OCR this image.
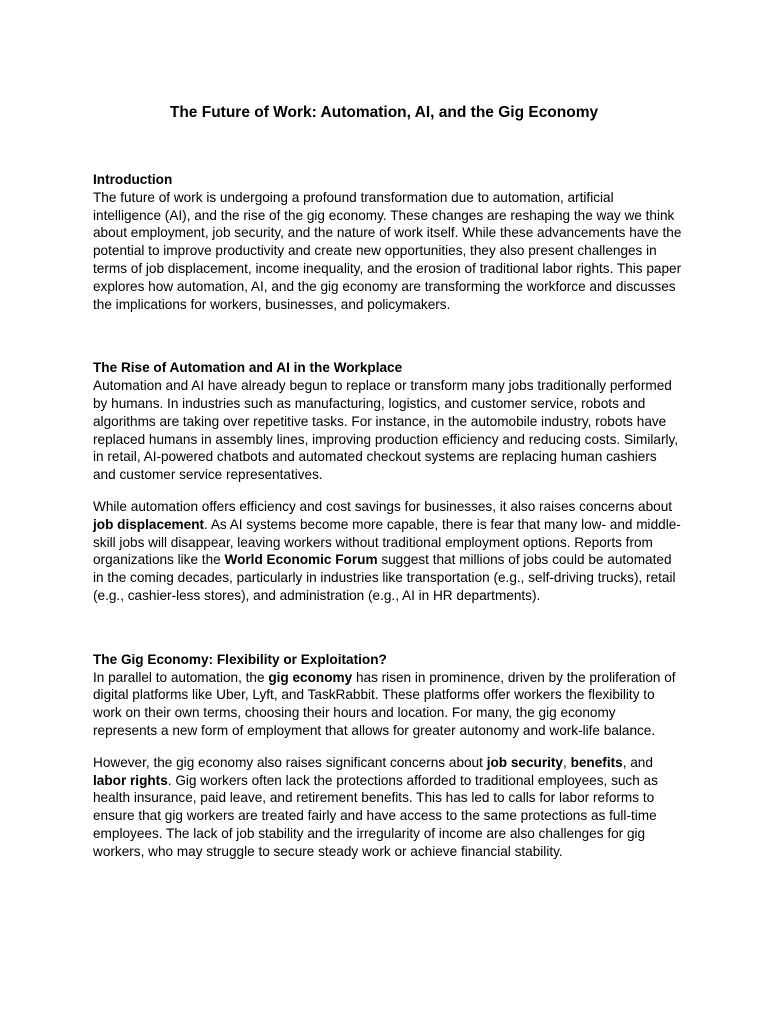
The Future of Work: Automation, AI, and the Gig Economy

Introduction

The future of work is undergoing a profound transformation due to automation, artificial intelligence (AI), and the rise of the gig economy. These changes are reshaping the way we think about employment, job security, and the nature of work itself. While these advancements have the potential to improve productivity and create new opportunities, they also present challenges in terms of job displacement, income inequality, and the erosion of traditional labor rights. This paper explores how automation, AI, and the gig economy are transforming the workforce and discusses the implications for workers, businesses, and policymakers.

The Rise of Automation and AI in the Workplace

Automation and AI have already begun to replace or transform many jobs traditionally performed by humans. In industries such as manufacturing, logistics, and customer service, robots and algorithms are taking over repetitive tasks. For instance, in the automobile industry, robots have replaced humans in assembly lines, improving production efficiency and reducing costs. Similarly, in retail, AI-powered chatbots and automated checkout systems are replacing human cashiers and customer service representatives.

While automation offers efficiency and cost savings for businesses, it also raises concerns about job displacement. As AI systems become more capable, there is fear that many low- and middle-skill jobs will disappear, leaving workers without traditional employment options. Reports from organizations like the World Economic Forum suggest that millions of jobs could be automated in the coming decades, particularly in industries like transportation (e.g., self-driving trucks), retail (e.g., cashier-less stores), and administration (e.g., AI in HR departments).

The Gig Economy: Flexibility or Exploitation?

In parallel to automation, the gig economy has risen in prominence, driven by the proliferation of digital platforms like Uber, Lyft, and TaskRabbit. These platforms offer workers the flexibility to work on their own terms, choosing their hours and location. For many, the gig economy represents a new form of employment that allows for greater autonomy and work-life balance.

However, the gig economy also raises significant concerns about job security, benefits, and labor rights. Gig workers often lack the protections afforded to traditional employees, such as health insurance, paid leave, and retirement benefits. This has led to calls for labor reforms to ensure that gig workers are treated fairly and have access to the same protections as full-time employees. The lack of job stability and the irregularity of income are also challenges for gig workers, who may struggle to secure steady work or achieve financial stability.
